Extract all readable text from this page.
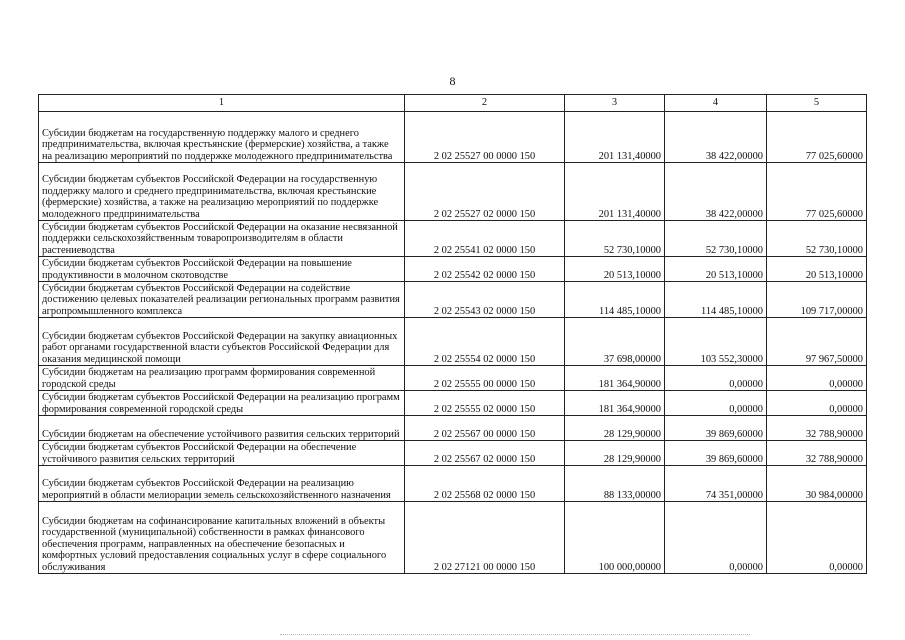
8
1	2	3	4	5
Субсидии бюджетам на государственную поддержку малого и среднего предпринимательства, включая крестьянские (фермерские) хозяйства, а также на реализацию мероприятий по поддержке молодежного предпринимательства	2 02 25527 00 0000 150	201 131,40000	38 422,00000	77 025,60000
Субсидии бюджетам субъектов Российской Федерации на государственную поддержку малого и среднего предпринимательства, включая крестьянские (фермерские) хозяйства, а также на реализацию мероприятий по поддержке молодежного предпринимательства	2 02 25527 02 0000 150	201 131,40000	38 422,00000	77 025,60000
Субсидии бюджетам субъектов Российской Федерации на оказание несвязанной поддержки сельскохозяйственным товаропроизводителям в области растениеводства	2 02 25541 02 0000 150	52 730,10000	52 730,10000	52 730,10000
Субсидии бюджетам субъектов Российской Федерации на повышение продуктивности в молочном скотоводстве	2 02 25542 02 0000 150	20 513,10000	20 513,10000	20 513,10000
Субсидии бюджетам субъектов Российской Федерации на содействие достижению целевых показателей реализации региональных программ развития агропромышленного комплекса	2 02 25543 02 0000 150	114 485,10000	114 485,10000	109 717,00000
Субсидии бюджетам субъектов Российской Федерации на закупку авиационных работ органами государственной власти субъектов Российской Федерации для оказания медицинской помощи	2 02 25554 02 0000 150	37 698,00000	103 552,30000	97 967,50000
Субсидии бюджетам на реализацию программ формирования современной городской среды	2 02 25555 00 0000 150	181 364,90000	0,00000	0,00000
Субсидии бюджетам субъектов Российской Федерации на реализацию программ формирования современной городской среды	2 02 25555 02 0000 150	181 364,90000	0,00000	0,00000
Субсидии бюджетам на обеспечение устойчивого развития сельских территорий	2 02 25567 00 0000 150	28 129,90000	39 869,60000	32 788,90000
Субсидии бюджетам субъектов Российской Федерации на обеспечение устойчивого развития сельских территорий	2 02 25567 02 0000 150	28 129,90000	39 869,60000	32 788,90000
Субсидии бюджетам субъектов Российской Федерации на реализацию мероприятий в области мелиорации земель сельскохозяйственного назначения	2 02 25568 02 0000 150	88 133,00000	74 351,00000	30 984,00000
Субсидии бюджетам на софинансирование капитальных вложений в объекты государственной (муниципальной) собственности в рамках финансового обеспечения программ, направленных на обеспечение безопасных и комфортных условий предоставления социальных услуг в сфере социального обслуживания	2 02 27121 00 0000 150	100 000,00000	0,00000	0,00000
